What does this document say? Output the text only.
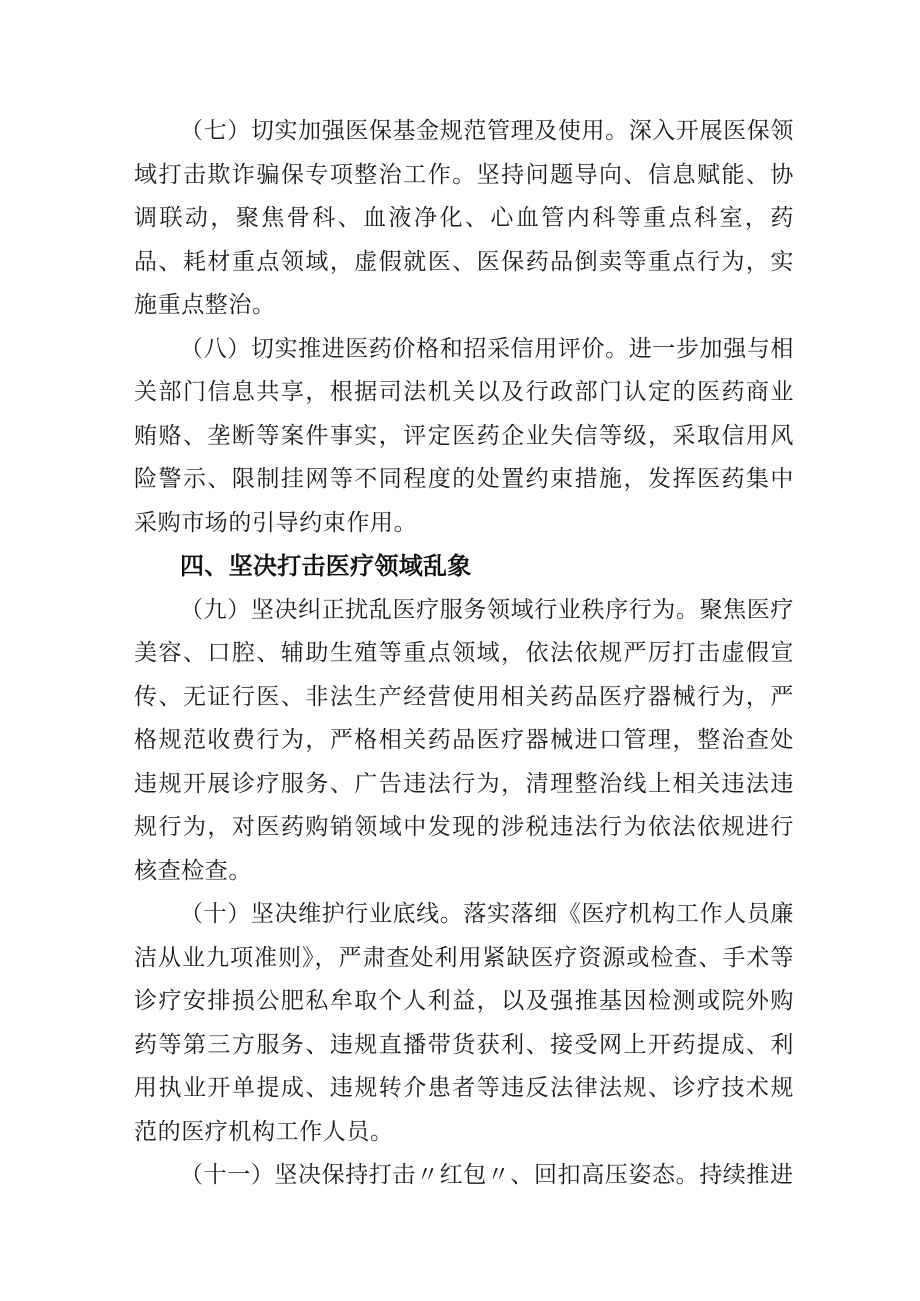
（七）切实加强医保基金规范管理及使用。深入开展医保领域打击欺诈骗保专项整治工作。坚持问题导向、信息赋能、协调联动，聚焦骨科、血液净化、心血管内科等重点科室，药品、耗材重点领域，虚假就医、医保药品倒卖等重点行为，实施重点整治。

（八）切实推进医药价格和招采信用评价。进一步加强与相关部门信息共享，根据司法机关以及行政部门认定的医药商业贿赂、垄断等案件事实，评定医药企业失信等级，采取信用风险警示、限制挂网等不同程度的处置约束措施，发挥医药集中采购市场的引导约束作用。

四、坚决打击医疗领域乱象

（九）坚决纠正扰乱医疗服务领域行业秩序行为。聚焦医疗美容、口腔、辅助生殖等重点领域，依法依规严厉打击虚假宣传、无证行医、非法生产经营使用相关药品医疗器械行为，严格规范收费行为，严格相关药品医疗器械进口管理，整治查处违规开展诊疗服务、广告违法行为，清理整治线上相关违法违规行为，对医药购销领域中发现的涉税违法行为依法依规进行核查检查。

（十）坚决维护行业底线。落实落细《医疗机构工作人员廉洁从业九项准则》，严肃查处利用紧缺医疗资源或检查、手术等诊疗安排损公肥私牟取个人利益，以及强推基因检测或院外购药等第三方服务、违规直播带货获利、接受网上开药提成、利用执业开单提成、违规转介患者等违反法律法规、诊疗技术规范的医疗机构工作人员。

（十一）坚决保持打击〃红包〃、回扣高压姿态。持续推进
